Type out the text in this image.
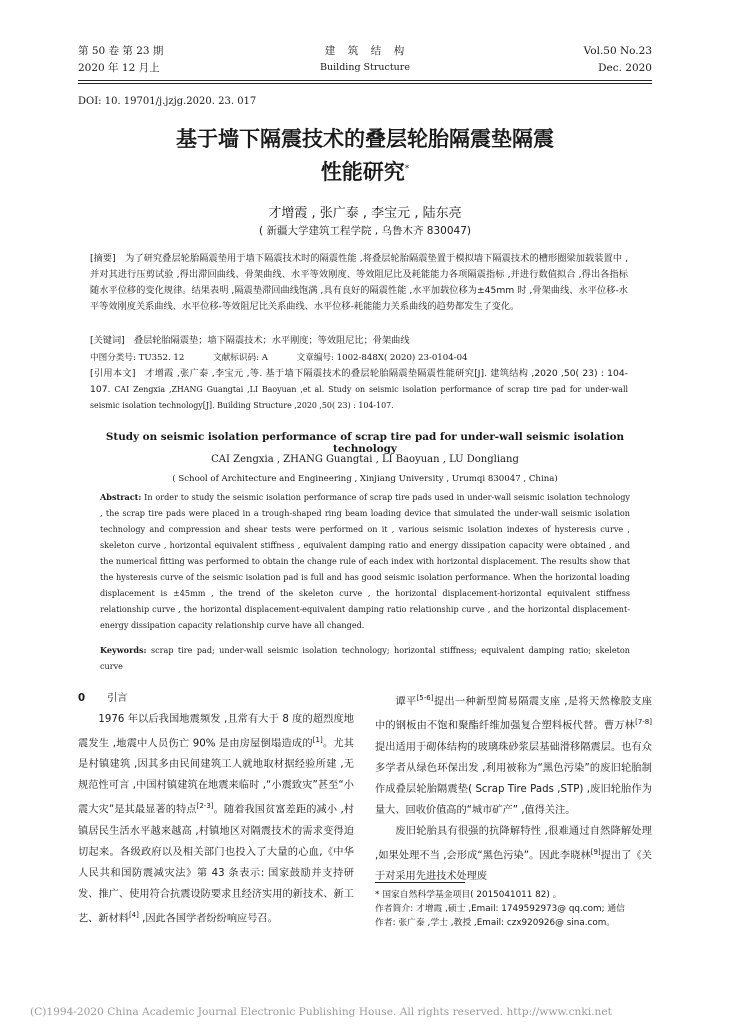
第 50 卷 第 23 期
2020 年 12 月上
建　筑　结　构
Building Structure
Vol.50 No.23
Dec. 2020
DOI: 10. 19701/j.jzjg.2020. 23. 017
基于墙下隔震技术的叠层轮胎隔震垫隔震
性能研究*
才增霞 , 张广泰 , 李宝元 , 陆东亮
( 新疆大学建筑工程学院 , 乌鲁木齐 830047)
[摘要]　为了研究叠层轮胎隔震垫用于墙下隔震技术时的隔震性能 ,将叠层轮胎隔震垫置于模拟墙下隔震技术的槽形圈梁加载装置中 ,并对其进行压剪试验 ,得出滞回曲线、骨架曲线、水平等效刚度、等效阻尼比及耗能能力各项隔震指标 ,并进行数值拟合 ,得出各指标随水平位移的变化规律。结果表明 ,隔震垫滞回曲线饱满 ,具有良好的隔震性能 ,水平加载位移为±45mm 时 ,骨架曲线、水平位移-水平等效刚度关系曲线、水平位移-等效阻尼比关系曲线、水平位移-耗能能力关系曲线的趋势都发生了变化。
[关键词]　叠层轮胎隔震垫；墙下隔震技术；水平刚度；等效阻尼比；骨架曲线
中图分类号: TU352. 12	文献标识码: A	文章编号: 1002-848X( 2020) 23-0104-04
[引用本文]　才增霞 ,张广泰 ,李宝元 ,等. 基于墙下隔震技术的叠层轮胎隔震垫隔震性能研究[J]. 建筑结构 ,2020 ,50( 23) : 104-107. CAI Zengxia ,ZHANG Guangtai ,LI Baoyuan ,et al. Study on seismic isolation performance of scrap tire pad for under-wall seismic isolation technology[J]. Building Structure ,2020 ,50( 23) : 104-107.
Study on seismic isolation performance of scrap tire pad for under-wall seismic isolation technology
CAI Zengxia , ZHANG Guangtai , LI Baoyuan , LU Dongliang
( School of Architecture and Engineering , Xinjiang University , Urumqi 830047 , China)
Abstract: In order to study the seismic isolation performance of scrap tire pads used in under-wall seismic isolation technology , the scrap tire pads were placed in a trough-shaped ring beam loading device that simulated the under-wall seismic isolation technology and compression and shear tests were performed on it , various seismic isolation indexes of hysteresis curve , skeleton curve , horizontal equivalent stiffness , equivalent damping ratio and energy dissipation capacity were obtained , and the numerical fitting was performed to obtain the change rule of each index with horizontal displacement. The results show that the hysteresis curve of the seismic isolation pad is full and has good seismic isolation performance. When the horizontal loading displacement is ±45mm , the trend of the skeleton curve , the horizontal displacement-horizontal equivalent stiffness relationship curve , the horizontal displacement-equivalent damping ratio relationship curve , and the horizontal displacement-energy dissipation capacity relationship curve have all changed.
Keywords: scrap tire pad; under-wall seismic isolation technology; horizontal stiffness; equivalent damping ratio; skeleton curve

0 引言

1976 年以后我国地震频发 ,且常有大于 8 度的超烈度地震发生 ,地震中人员伤亡 90% 是由房屋倒塌造成的[1]。尤其是村镇建筑 ,因其多由民间建筑工人就地取材据经验所建 ,无规范性可言 ,中国村镇建筑在地震来临时 ,“小震致灾”甚至“小震大灾”是其最显著的特点[2-3]。随着我国贫富差距的减小 ,村镇居民生活水平越来越高 ,村镇地区对隔震技术的需求变得迫切起来。各级政府以及相关部门也投入了大量的心血,《中华人民共和国防震减灾法》第 43 条表示: 国家鼓励并支持研发、推广、使用符合抗震设防要求且经济实用的新技术、新工艺、新材料[4] ,因此各国学者纷纷响应号召。

谭平[5-6]提出一种新型简易隔震支座 ,是将天然橡胶支座中的钢板由不饱和聚酯纤维加强复合塑料板代替。曹万林[7-8]提出适用于砌体结构的玻璃珠砂浆层基础滑移隔震层。也有众多学者从绿色环保出发 ,利用被称为“黑色污染”的废旧轮胎制作成叠层轮胎隔震垫( Scrap Tire Pads ,STP) ,废旧轮胎作为量大、回收价值高的“城市矿产” ,值得关注。

废旧轮胎具有很强的抗降解特性 ,很难通过自然降解处理 ,如果处理不当 ,会形成“黑色污染”。因此李晓林[9]提出了《关于对采用先进技术处理废

* 国家自然科学基金项目( 2015041011 82) 。
作者简介: 才增霞 ,硕士 ,Email: 1749592973@ qq.com; 通信
作者: 张广泰 ,学士 ,教授 ,Email: czx920926@ sina.com。
(C)1994-2020 China Academic Journal Electronic Publishing House. All rights reserved. http://www.cnki.net
